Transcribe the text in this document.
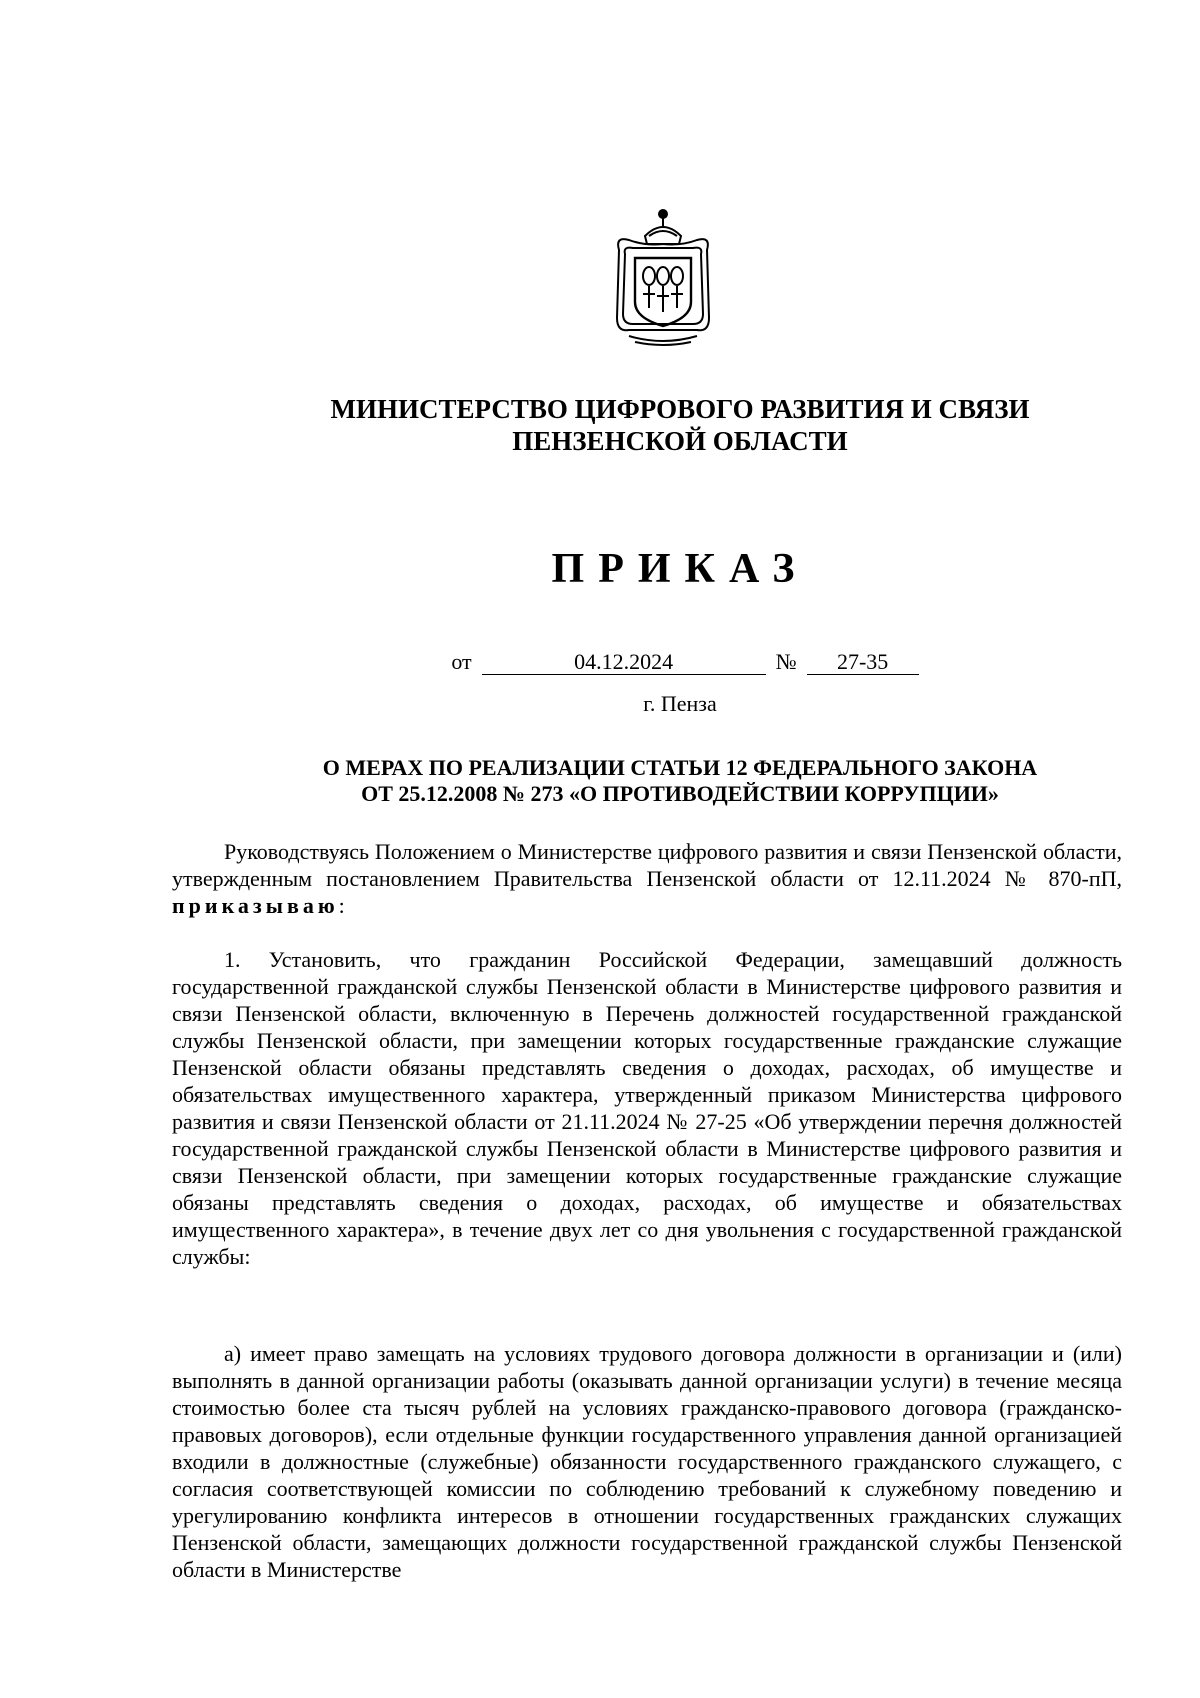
МИНИСТЕРСТВО ЦИФРОВОГО РАЗВИТИЯ И СВЯЗИ
ПЕНЗЕНСКОЙ ОБЛАСТИ
ПРИКАЗ
от	04.12.2024	№ 27-35
г. Пенза
О МЕРАХ ПО РЕАЛИЗАЦИИ СТАТЬИ 12 ФЕДЕРАЛЬНОГО ЗАКОНА
ОТ 25.12.2008 № 273 «О ПРОТИВОДЕЙСТВИИ КОРРУПЦИИ»

Руководствуясь Положением о Министерстве цифрового развития и связи Пензенской области, утвержденным постановлением Правительства Пензенской области от 12.11.2024 № 870-пП, приказываю:

1. Установить, что гражданин Российской Федерации, замещавший должность государственной гражданской службы Пензенской области в Министерстве цифрового развития и связи Пензенской области, включенную в Перечень должностей государственной гражданской службы Пензенской области, при замещении которых государственные гражданские служащие Пензенской области обязаны представлять сведения о доходах, расходах, об имуществе и обязательствах имущественного характера, утвержденный приказом Министерства цифрового развития и связи Пензенской области от 21.11.2024 № 27-25 «Об утверждении перечня должностей государственной гражданской службы Пензенской области в Министерстве цифрового развития и связи Пензенской области, при замещении которых государственные гражданские служащие обязаны представлять сведения о доходах, расходах, об имуществе и обязательствах имущественного характера», в течение двух лет со дня увольнения с государственной гражданской службы:

а) имеет право замещать на условиях трудового договора должности в организации и (или) выполнять в данной организации работы (оказывать данной организации услуги) в течение месяца стоимостью более ста тысяч рублей на условиях гражданско-правового договора (гражданско-правовых договоров), если отдельные функции государственного управления данной организацией входили в должностные (служебные) обязанности государственного гражданского служащего, с согласия соответствующей комиссии по соблюдению требований к служебному поведению и урегулированию конфликта интересов в отношении государственных гражданских служащих Пензенской области, замещающих должности государственной гражданской службы Пензенской области в Министерстве
